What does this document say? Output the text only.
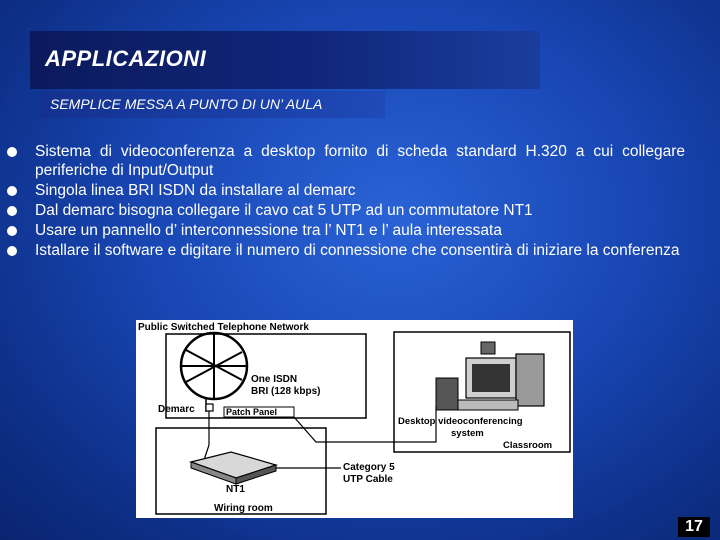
APPLICAZIONI
SEMPLICE MESSA A PUNTO DI UN’ AULA
Sistema di videoconferenza a desktop fornito di scheda standard H.320 a cui collegare periferiche di Input/Output
Singola linea BRI ISDN da installare al demarc
Dal demarc bisogna collegare il cavo cat 5 UTP ad un commutatore NT1
Usare un pannello d’ interconnessione tra l’ NT1 e l’ aula interessata
Istallare il software e digitare il numero di connessione che consentirà di iniziare la conferenza
Public Switched Telephone Network
One ISDN
BRI (128 kbps)
Demarc	Patch Panel
NT1
Wiring room
Category 5
UTP Cable
Desktop videoconferencing
system
Classroom
17
